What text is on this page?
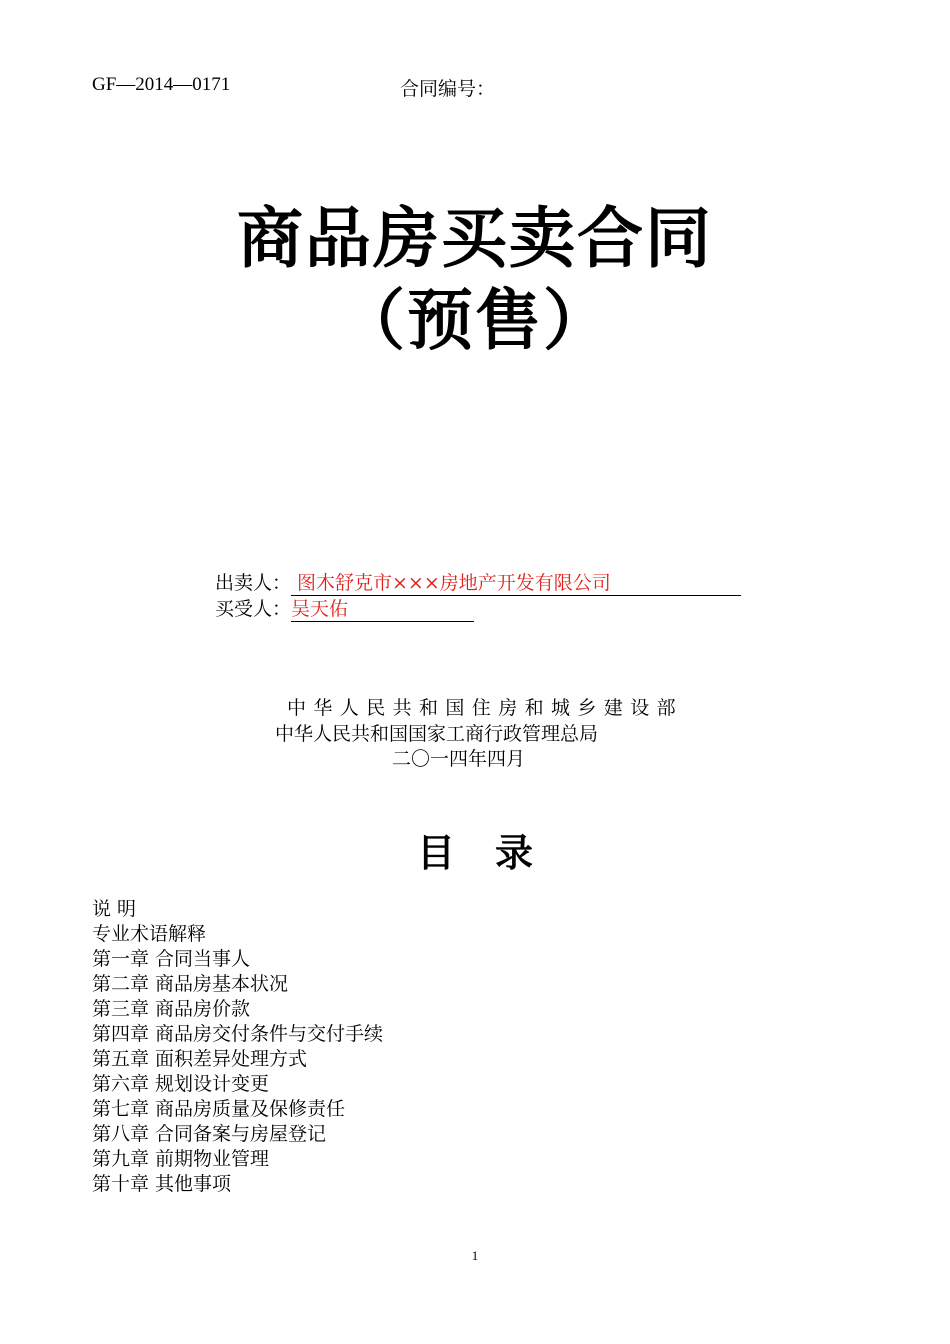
GF—2014—0171	合同编号：
商品房买卖合同
（预售）
出卖人： 图木舒克市×××房地产开发有限公司
买受人：吴天佑
中华人民共和国住房和城乡建设部
中华人民共和国国家工商行政管理总局
二〇一四年四月
目录
说 明
专业术语解释
第一章 合同当事人
第二章 商品房基本状况
第三章 商品房价款
第四章 商品房交付条件与交付手续
第五章 面积差异处理方式
第六章 规划设计变更
第七章 商品房质量及保修责任
第八章 合同备案与房屋登记
第九章 前期物业管理
第十章 其他事项
1
